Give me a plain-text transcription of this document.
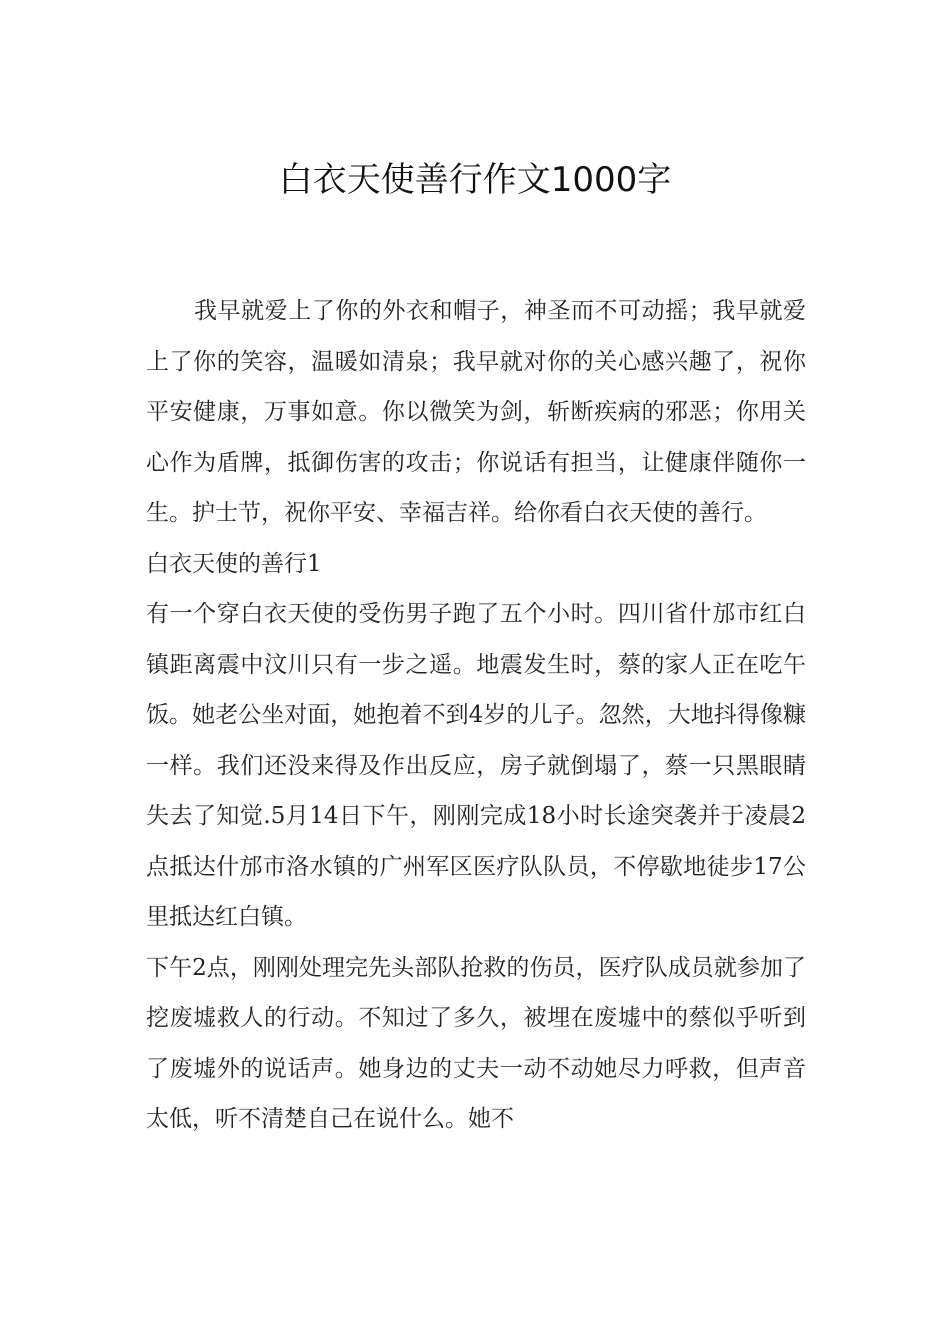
白衣天使善行作文1000字

我早就爱上了你的外衣和帽子，神圣而不可动摇；我早就爱上了你的笑容，温暖如清泉；我早就对你的关心感兴趣了，祝你平安健康，万事如意。你以微笑为剑，斩断疾病的邪恶；你用关心作为盾牌，抵御伤害的攻击；你说话有担当，让健康伴随你一生。护士节，祝你平安、幸福吉祥。给你看白衣天使的善行。

白衣天使的善行1

有一个穿白衣天使的受伤男子跑了五个小时。四川省什邡市红白镇距离震中汶川只有一步之遥。地震发生时，蔡的家人正在吃午饭。她老公坐对面，她抱着不到4岁的儿子。忽然，大地抖得像糠一样。我们还没来得及作出反应，房子就倒塌了，蔡一只黑眼睛失去了知觉.5月14日下午，刚刚完成18小时长途突袭并于凌晨2点抵达什邡市洛水镇的广州军区医疗队队员，不停歇地徒步17公里抵达红白镇。

下午2点，刚刚处理完先头部队抢救的伤员，医疗队成员就参加了挖废墟救人的行动。不知过了多久，被埋在废墟中的蔡似乎听到了废墟外的说话声。她身边的丈夫一动不动她尽力呼救，但声音太低，听不清楚自己在说什么。她不
